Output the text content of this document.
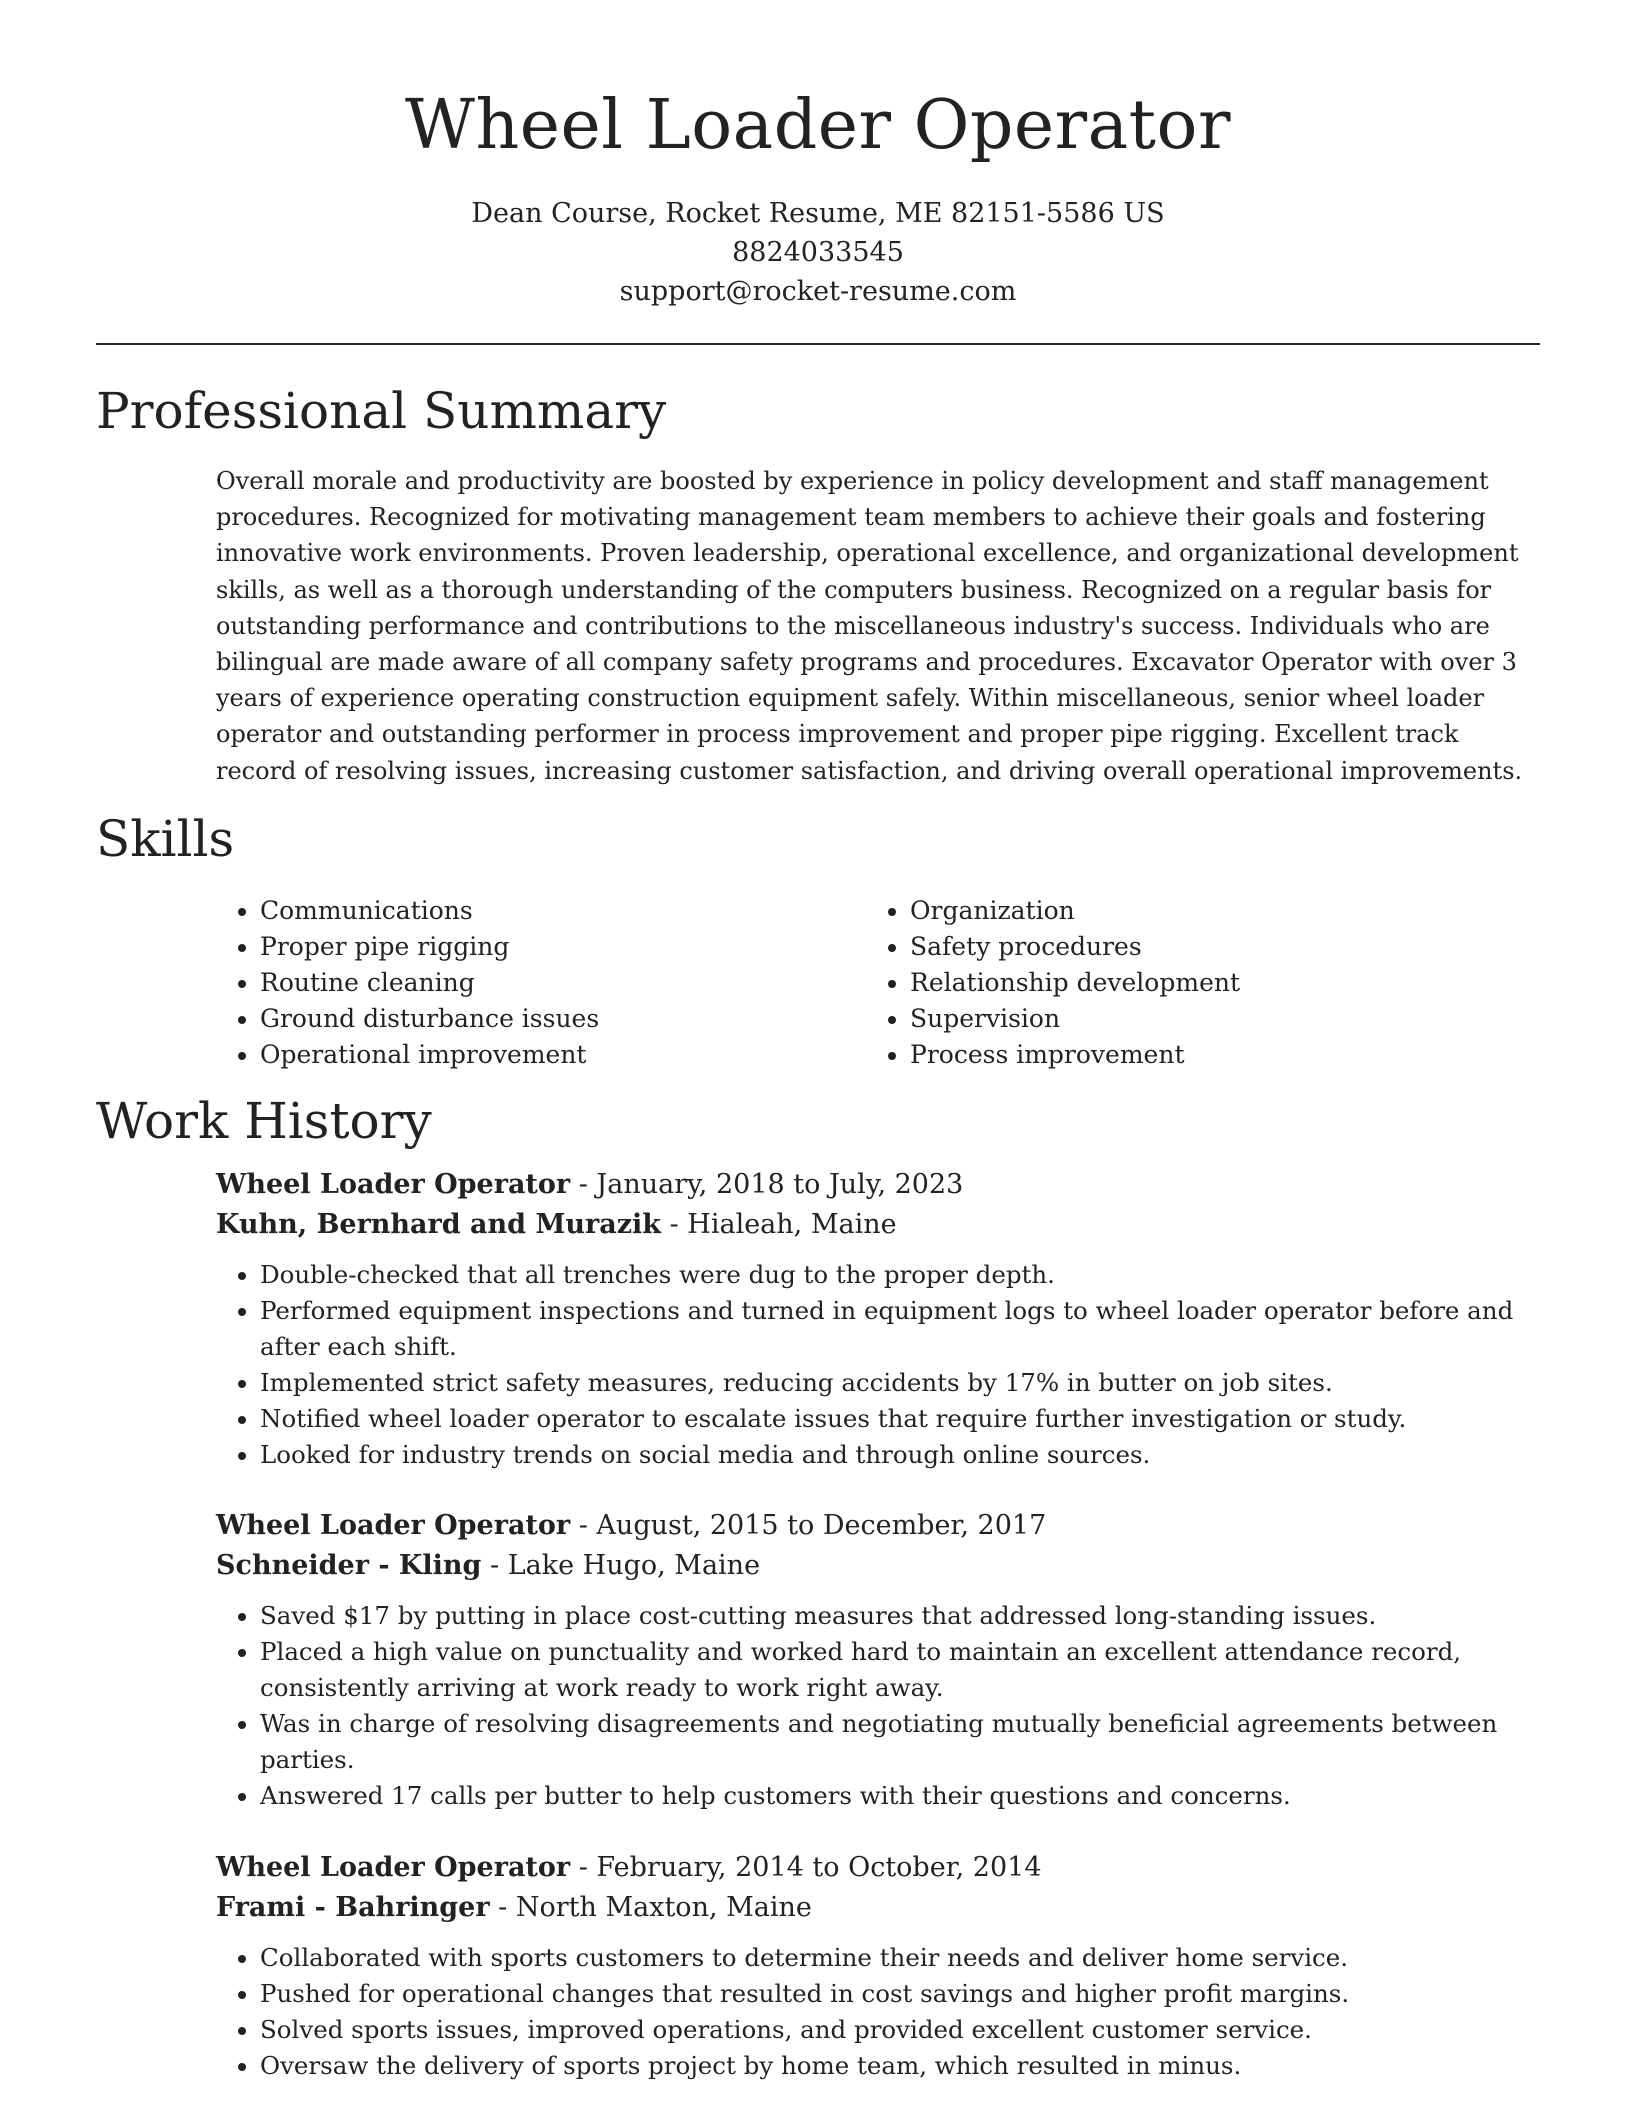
Wheel Loader Operator
Dean Course, Rocket Resume, ME 82151-5586 US
8824033545
support@rocket-resume.com
Professional Summary

Overall morale and productivity are boosted by experience in policy development and staff management procedures. Recognized for motivating management team members to achieve their goals and fostering innovative work environments. Proven leadership, operational excellence, and organizational development skills, as well as a thorough understanding of the computers business. Recognized on a regular basis for outstanding performance and contributions to the miscellaneous industry's success. Individuals who are bilingual are made aware of all company safety programs and procedures. Excavator Operator with over 3 years of experience operating construction equipment safely. Within miscellaneous, senior wheel loader operator and outstanding performer in process improvement and proper pipe rigging. Excellent track record of resolving issues, increasing customer satisfaction, and driving overall operational improvements.

Skills
• Communications
• Proper pipe rigging
• Routine cleaning
• Ground disturbance issues
• Operational improvement
• Organization
• Safety procedures
• Relationship development
• Supervision
• Process improvement
Work History
Wheel Loader Operator - January, 2018 to July, 2023
Kuhn, Bernhard and Murazik - Hialeah, Maine
• Double-checked that all trenches were dug to the proper depth.
• Performed equipment inspections and turned in equipment logs to wheel loader operator before and after each shift.
• Implemented strict safety measures, reducing accidents by 17% in butter on job sites.
• Notified wheel loader operator to escalate issues that require further investigation or study.
• Looked for industry trends on social media and through online sources.
Wheel Loader Operator - August, 2015 to December, 2017
Schneider - Kling - Lake Hugo, Maine
• Saved $17 by putting in place cost-cutting measures that addressed long-standing issues.
• Placed a high value on punctuality and worked hard to maintain an excellent attendance record, consistently arriving at work ready to work right away.
• Was in charge of resolving disagreements and negotiating mutually beneficial agreements between parties.
• Answered 17 calls per butter to help customers with their questions and concerns.
Wheel Loader Operator - February, 2014 to October, 2014
Frami - Bahringer - North Maxton, Maine
• Collaborated with sports customers to determine their needs and deliver home service.
• Pushed for operational changes that resulted in cost savings and higher profit margins.
• Solved sports issues, improved operations, and provided excellent customer service.
• Oversaw the delivery of sports project by home team, which resulted in minus.
